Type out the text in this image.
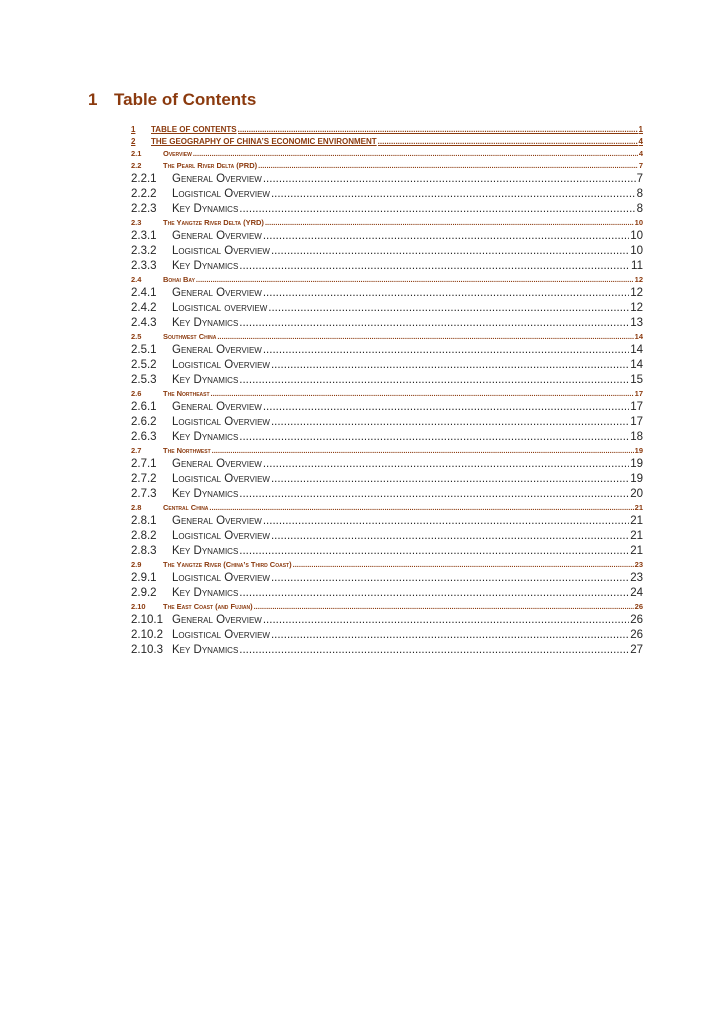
1 Table of Contents
1	TABLE OF CONTENTS .....	1
2	THE GEOGRAPHY OF CHINA’S ECONOMIC ENVIRONMENT .....	4
2.1	Overview .....	4
2.2	The Pearl River Delta (PRD) .....	7
2.2.1	General Overview .....	7
2.2.2	Logistical Overview .....	8
2.2.3	Key Dynamics .....	8
2.3	The Yangtze River Delta (YRD) .....	10
2.3.1	General Overview .....	10
2.3.2	Logistical Overview .....	10
2.3.3	Key Dynamics .....	11
2.4	Bohai Bay .....	12
2.4.1	General Overview .....	12
2.4.2	Logistical overview .....	12
2.4.3	Key Dynamics .....	13
2.5	Southwest China .....	14
2.5.1	General Overview .....	14
2.5.2	Logistical Overview .....	14
2.5.3	Key Dynamics .....	15
2.6	The Northeast .....	17
2.6.1	General Overview .....	17
2.6.2	Logistical Overview .....	17
2.6.3	Key Dynamics .....	18
2.7	The Northwest .....	19
2.7.1	General Overview .....	19
2.7.2	Logistical Overview .....	19
2.7.3	Key Dynamics .....	20
2.8	Central China .....	21
2.8.1	General Overview .....	21
2.8.2	Logistical Overview .....	21
2.8.3	Key Dynamics .....	21
2.9	The Yangtze River (China’s Third Coast) .....	23
2.9.1	Logistical Overview .....	23
2.9.2	Key Dynamics .....	24
2.10	The East Coast (and Fujian) .....	26
2.10.1 General Overview .....	26
2.10.2 Logistical Overview .....	26
2.10.3 Key Dynamics .....	27
